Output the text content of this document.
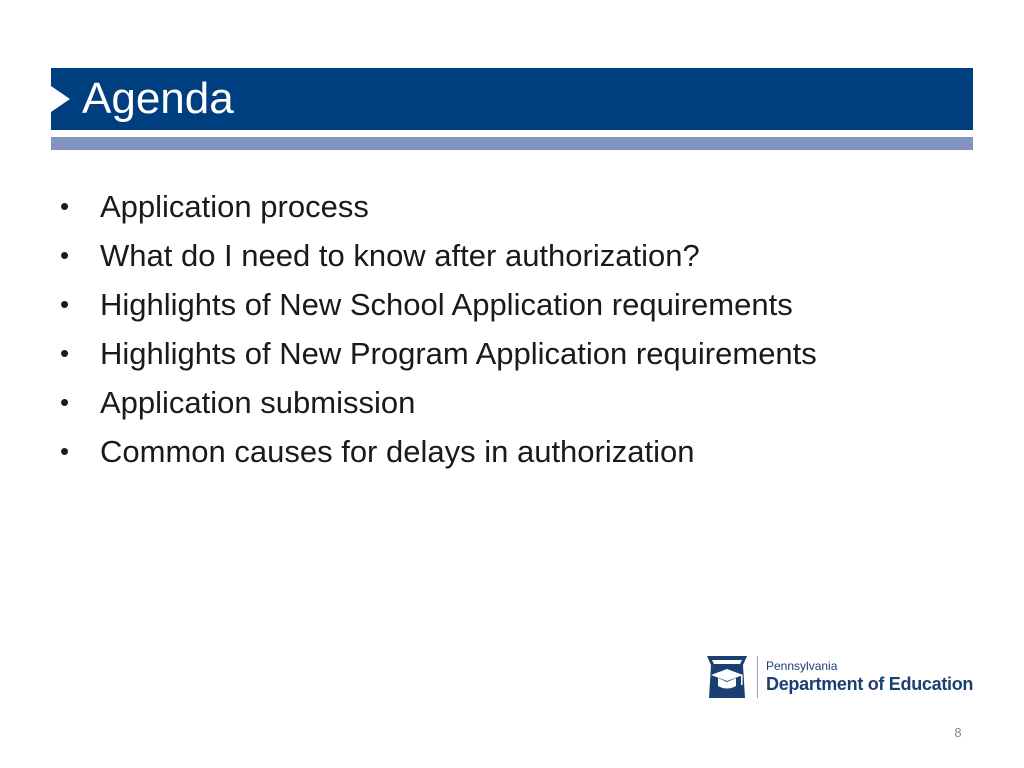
Agenda
• Application process
• What do I need to know after authorization?
• Highlights of New School Application requirements
• Highlights of New Program Application requirements
• Application submission
• Common causes for delays in authorization
Pennsylvania
Department of Education
8
